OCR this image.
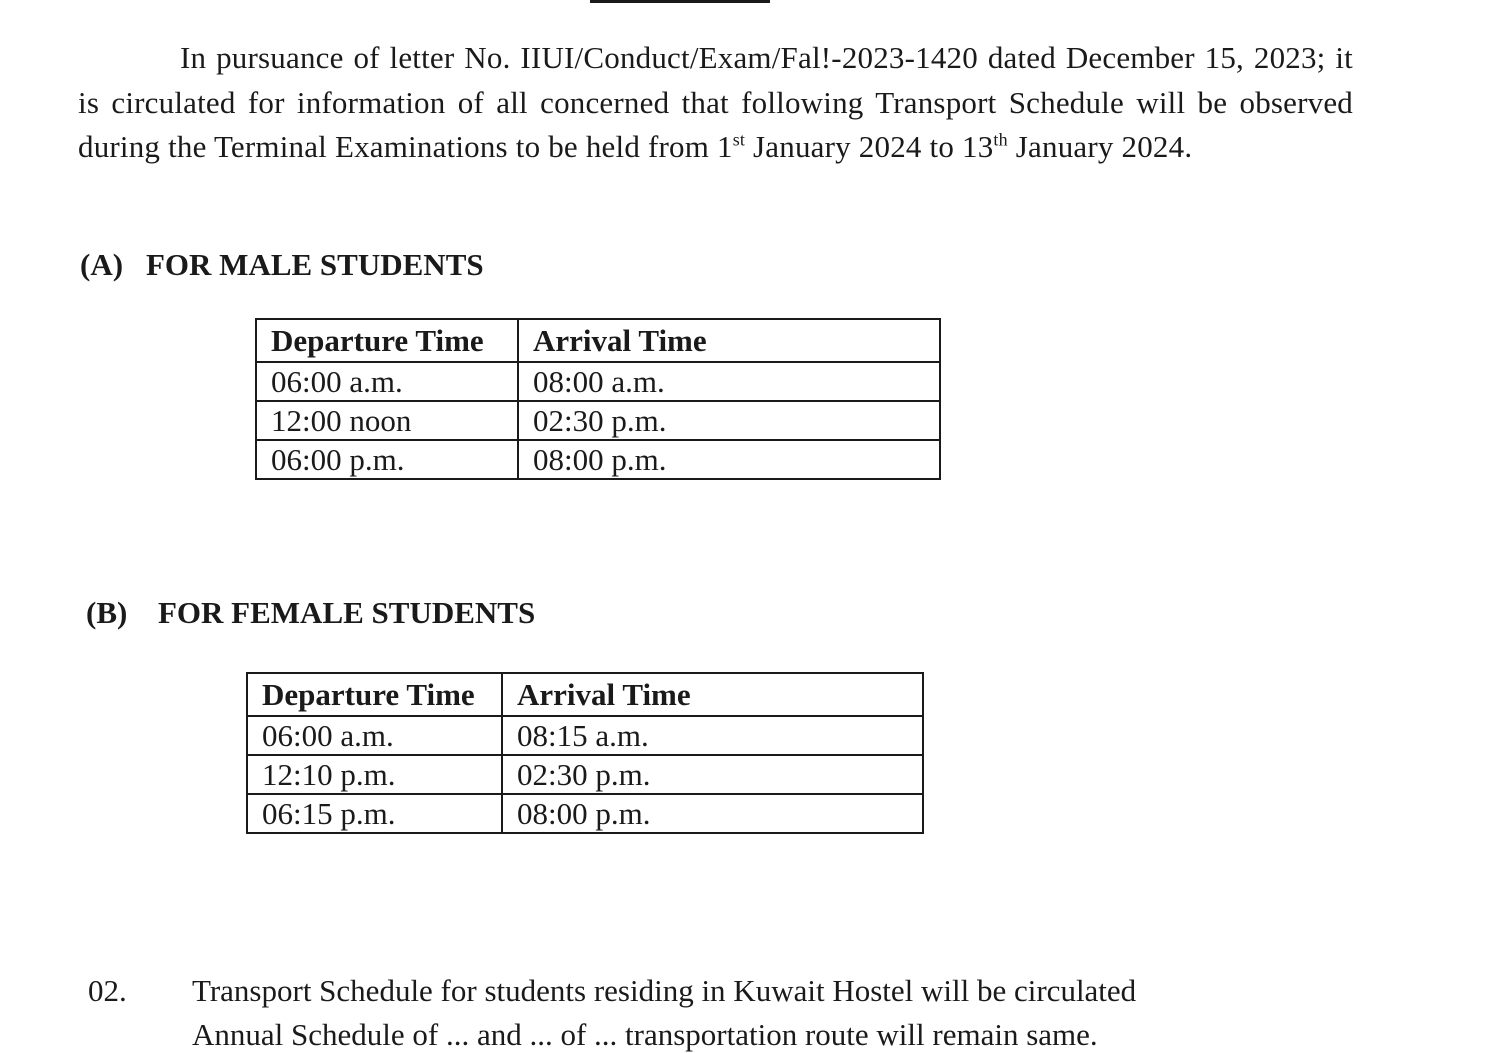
In pursuance of letter No. IIUI/Conduct/Exam/Fal!-2023-1420 dated December 15, 2023; it is circulated for information of all concerned that following Transport Schedule will be observed during the Terminal Examinations to be held from 1st January 2024 to 13th January 2024.

(A) FOR MALE STUDENTS

Departure Time	Arrival Time
06:00 a.m.	08:00 a.m.
12:00 noon	02:30 p.m.
06:00 p.m.	08:00 p.m.

(B) FOR FEMALE STUDENTS

Departure Time	Arrival Time
06:00 a.m.	08:15 a.m.
12:10 p.m.	02:30 p.m.
06:15 p.m.	08:00 p.m.

02. Transport Schedule for students residing in Kuwait Hostel will be circulated

Annual Schedule of ... and ... of ... transportation route will remain same.
